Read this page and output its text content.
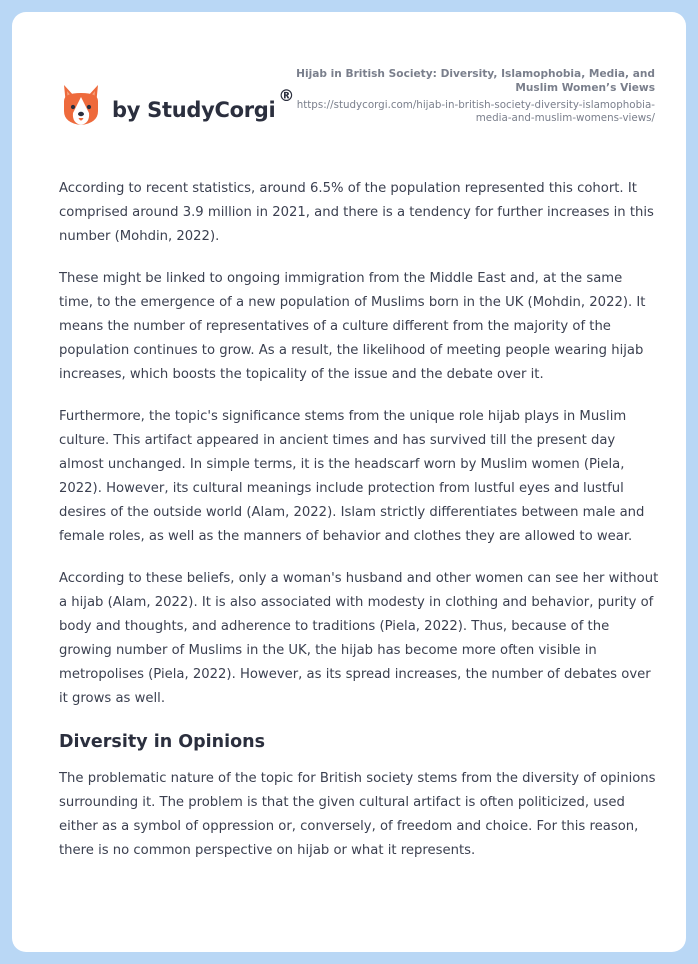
by StudyCorgi
®
Hijab in British Society: Diversity, Islamophobia, Media, and Muslim Women’s Views
https://studycorgi.com/hijab-in-british-society-diversity-islamophobia-media-and-muslim-womens-views/

According to recent statistics, around 6.5% of the population represented this cohort. It comprised around 3.9 million in 2021, and there is a tendency for further increases in this number (Mohdin, 2022).

These might be linked to ongoing immigration from the Middle East and, at the same time, to the emergence of a new population of Muslims born in the UK (Mohdin, 2022). It means the number of representatives of a culture different from the majority of the population continues to grow. As a result, the likelihood of meeting people wearing hijab increases, which boosts the topicality of the issue and the debate over it.

Furthermore, the topic's significance stems from the unique role hijab plays in Muslim culture. This artifact appeared in ancient times and has survived till the present day almost unchanged. In simple terms, it is the headscarf worn by Muslim women (Piela, 2022). However, its cultural meanings include protection from lustful eyes and lustful desires of the outside world (Alam, 2022). Islam strictly differentiates between male and female roles, as well as the manners of behavior and clothes they are allowed to wear.

According to these beliefs, only a woman's husband and other women can see her without a hijab (Alam, 2022). It is also associated with modesty in clothing and behavior, purity of body and thoughts, and adherence to traditions (Piela, 2022). Thus, because of the growing number of Muslims in the UK, the hijab has become more often visible in metropolises (Piela, 2022). However, as its spread increases, the number of debates over it grows as well.

Diversity in Opinions

The problematic nature of the topic for British society stems from the diversity of opinions surrounding it. The problem is that the given cultural artifact is often politicized, used either as a symbol of oppression or, conversely, of freedom and choice. For this reason, there is no common perspective on hijab or what it represents.
